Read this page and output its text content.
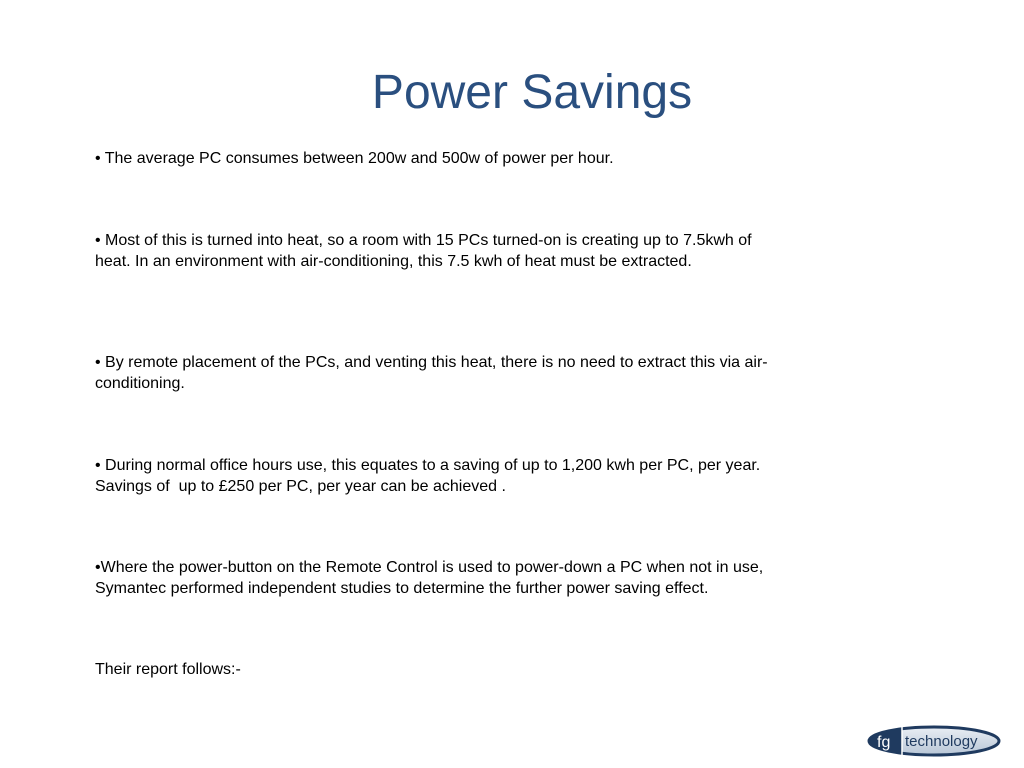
Power Savings
• The average PC consumes between 200w and 500w of power per hour.
• Most of this is turned into heat, so a room with 15 PCs turned-on is creating up to 7.5kwh of heat. In an environment with air-conditioning, this 7.5 kwh of heat must be extracted.
• By remote placement of the PCs, and venting this heat, there is no need to extract this via air-conditioning.
• During normal office hours use, this equates to a saving of up to 1,200 kwh per PC, per year. Savings of  up to £250 per PC, per year can be achieved .
•Where the power-button on the Remote Control is used to power-down a PC when not in use, Symantec performed independent studies to determine the further power saving effect.
Their report follows:-
fg technology
